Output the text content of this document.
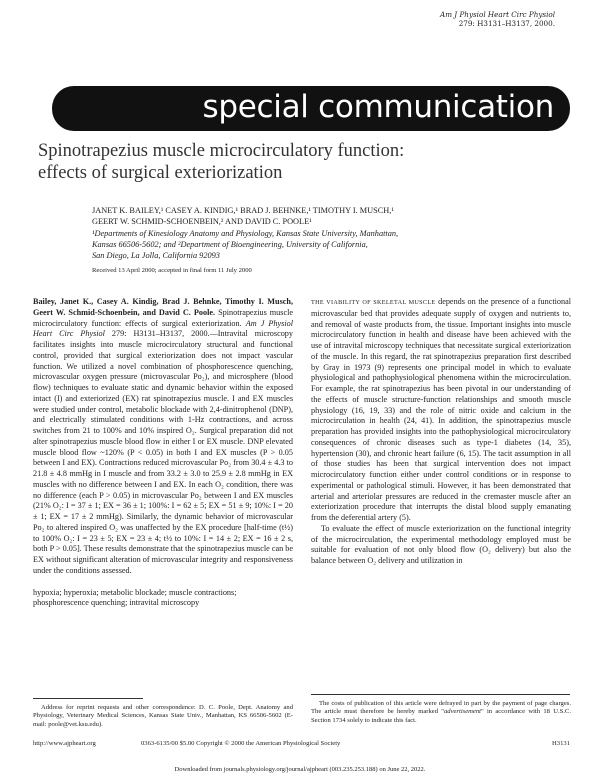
Am J Physiol Heart Circ Physiol
279: H3131–H3137, 2000.
special communication
Spinotrapezius muscle microcirculatory function:
effects of surgical exteriorization
JANET K. BAILEY,¹ CASEY A. KINDIG,¹ BRAD J. BEHNKE,¹ TIMOTHY I. MUSCH,¹
GEERT W. SCHMID-SCHOENBEIN,² AND DAVID C. POOLE¹
¹Departments of Kinesiology Anatomy and Physiology, Kansas State University, Manhattan,
Kansas 66506-5602; and ²Department of Bioengineering, University of California,
San Diego, La Jolla, California 92093
Received 13 April 2000; accepted in final form 11 July 2000

Bailey, Janet K., Casey A. Kindig, Brad J. Behnke, Timothy I. Musch, Geert W. Schmid-Schoenbein, and David C. Poole. Spinotrapezius muscle microcirculatory function: effects of surgical exteriorization. Am J Physiol Heart Circ Physiol 279: H3131–H3137, 2000.—Intravital microscopy facilitates insights into muscle microcirculatory structural and functional control, provided that surgical exteriorization does not impact vascular function. We utilized a novel combination of phosphorescence quenching, microvascular oxygen pressure (microvascular Po₂), and microsphere (blood flow) techniques to evaluate static and dynamic behavior within the exposed intact (I) and exteriorized (EX) rat spinotrapezius muscle. I and EX muscles were studied under control, metabolic blockade with 2,4-dinitrophenol (DNP), and electrically stimulated conditions with 1-Hz contractions, and across switches from 21 to 100% and 10% inspired O₂. Surgical preparation did not alter spinotrapezius muscle blood flow in either I or EX muscle. DNP elevated muscle blood flow ~120% (P < 0.05) in both I and EX muscles (P > 0.05 between I and EX). Contractions reduced microvascular Po₂ from 30.4 ± 4.3 to 21.8 ± 4.8 mmHg in I muscle and from 33.2 ± 3.0 to 25.9 ± 2.8 mmHg in EX muscles with no difference between I and EX. In each O₂ condition, there was no difference (each P > 0.05) in microvascular Po₂ between I and EX muscles (21% O₂: I = 37 ± 1; EX = 36 ± 1; 100%: I = 62 ± 5; EX = 51 ± 9; 10%: I = 20 ± 1; EX = 17 ± 2 mmHg). Similarly, the dynamic behavior of microvascular Po₂ to altered inspired O₂ was unaffected by the EX procedure [half-time (t½) to 100% O₂: I = 23 ± 5; EX = 23 ± 4; t½ to 10%: I = 14 ± 2; EX = 16 ± 2 s, both P > 0.05]. These results demonstrate that the spinotrapezius muscle can be EX without significant alteration of microvascular integrity and responsiveness under the conditions assessed.

hypoxia; hyperoxia; metabolic blockade; muscle contractions; phosphorescence quenching; intravital microscopy

THE VIABILITY OF SKELETAL MUSCLE depends on the presence of a functional microvascular bed that provides adequate supply of oxygen and nutrients to, and removal of waste products from, the tissue. Important insights into muscle microcirculatory function in health and disease have been achieved with the use of intravital microscopy techniques that necessitate surgical exteriorization of the muscle. In this regard, the rat spinotrapezius preparation first described by Gray in 1973 (9) represents one principal model in which to evaluate physiological and pathophysiological phenomena within the microcirculation. For example, the rat spinotrapezius has been pivotal in our understanding of the effects of muscle structure-function relationships and smooth muscle physiology (16, 19, 33) and the role of nitric oxide and calcium in the microcirculation in health (24, 41). In addition, the spinotrapezius muscle preparation has provided insights into the pathophysiological microcirculatory consequences of chronic diseases such as type-1 diabetes (14, 35), hypertension (30), and chronic heart failure (6, 15). The tacit assumption in all of those studies has been that surgical intervention does not impact microcirculatory function either under control conditions or in response to experimental or pathological stimuli. However, it has been demonstrated that arterial and arteriolar pressures are reduced in the cremaster muscle after an exteriorization procedure that interrupts the distal blood supply emanating from the deferential artery (5).

To evaluate the effect of muscle exteriorization on the functional integrity of the microcirculation, the experimental methodology employed must be suitable for evaluation of not only blood flow (O₂ delivery) but also the balance between O₂ delivery and utilization in

Address for reprint requests and other correspondence: D. C. Poole, Dept. Anatomy and Physiology, Veterinary Medical Sciences, Kansas State Univ., Manhattan, KS 66506-5602 (E-mail: poole@vet.ksu.edu).
The costs of publication of this article were defrayed in part by the payment of page charges. The article must therefore be hereby marked "advertisement" in accordance with 18 U.S.C. Section 1734 solely to indicate this fact.
http://www.ajpheart.org	0363-6135/00 $5.00 Copyright © 2000 the American Physiological Society	H3131
Downloaded from journals.physiology.org/journal/ajpheart (003.235.253.188) on June 22, 2022.
